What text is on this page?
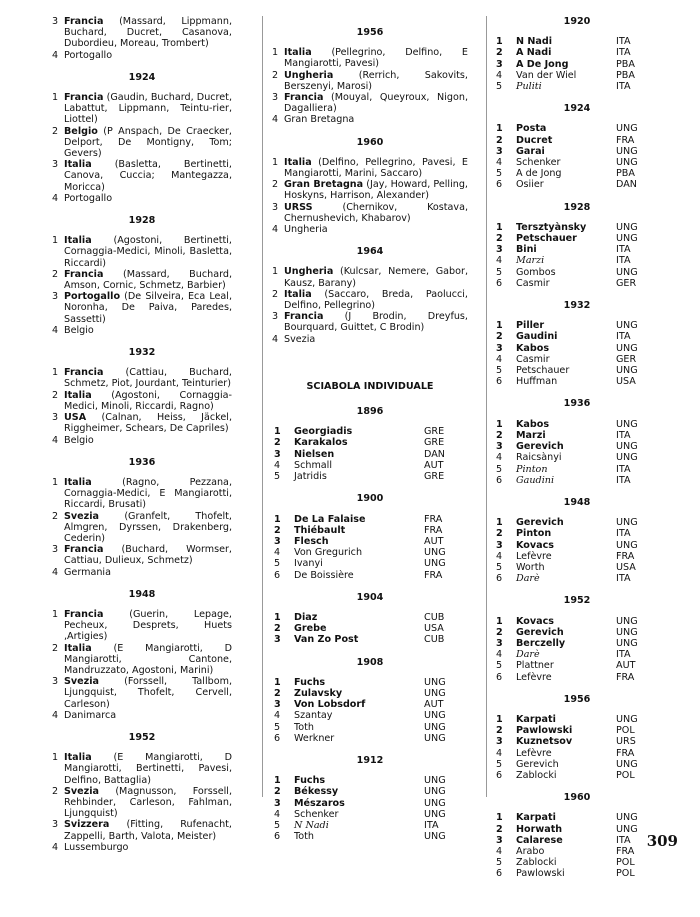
3 Francia (Massard, Lippmann, Buchard, Ducret, Casanova, Dubordieu, Moreau, Trombert)
4 Portogallo
1924
1 Francia (Gaudin, Buchard, Ducret, Labattut, Lippmann, Teintu-rier, Liottel)
2 Belgio (P Anspach, De Craecker, Delport, De Montigny, Tom; Gevers)
3 Italia (Basletta, Bertinetti, Canova, Cuccia; Mantegazza, Moricca)
4 Portogallo
1928
1 Italia (Agostoni, Bertinetti, Cornaggia-Medici, Minoli, Basletta, Riccardi)
2 Francia (Massard, Buchard, Amson, Cornic, Schmetz, Barbier)
3 Portogallo (De Silveira, Eca Leal, Noronha, De Paiva, Paredes, Sassetti)
4 Belgio
1932
1 Francia (Cattiau, Buchard, Schmetz, Piot, Jourdant, Teinturier)
2 Italia (Agostoni, Cornaggia-Medici, Minoli, Riccardi, Ragno)
3 USA (Calnan, Heiss, Jäckel, Riggheimer, Schears, De Capriles)
4 Belgio
1936
1 Italia	(Ragno, Pezzana, Cornaggia-Medici, E Mangiarotti, Riccardi, Brusati)
2 Svezia	(Granfelt, Thofelt, Almgren, Dyrssen, Drakenberg, Cederin)
3 Francia (Buchard, Wormser, Cattiau, Dulieux, Schmetz)
4 Germania
1948
1 Francia	(Guerin, Lepage, Pecheux, Desprets, Huets ,Artigies)
2 Italia (E Mangiarotti, D Mangiarotti, Cantone, Mandruzzato, Agostoni, Marini)
3 Svezia	(Forssell, Tallbom, Ljungquist, Thofelt, Cervell, Carleson)
4 Danimarca
1952
1 Italia (E Mangiarotti, D Mangiarotti, Bertinetti, Pavesi, Delfino, Battaglia)
2 Svezia (Magnusson, Forssell, Rehbinder, Carleson, Fahlman, Ljungquist)
3 Svizzera (Fitting, Rufenacht, Zappelli, Barth, Valota, Meister)
4 Lussemburgo
1956
1 Italia (Pellegrino, Delfino, E Mangiarotti, Pavesi)
2 Ungheria	(Rerrich, Sakovits, Berszenyi, Marosi)
3 Francia (Mouyal, Queyroux, Nigon, Dagalliera)
4 Gran Bretagna
1960
1 Italia (Delfino, Pellegrino, Pavesi, E Mangiarotti, Marini, Saccaro)
2 Gran Bretagna (Jay, Howard, Pelling, Hoskyns, Harrison, Alexander)
3 URSS	(Chernikov, Kostava, Chernushevich, Khabarov)
4 Ungheria
1964
1 Ungheria (Kulcsar, Nemere, Gabor, Kausz, Barany)
2 Italia (Saccaro, Breda, Paolucci, Delfino, Pellegrino)
3 Francia (J Brodin, Dreyfus, Bourquard, Guittet, C Brodin)
4 Svezia
SCIABOLA INDIVIDUALE
1896
1	Georgiadis	GRE
2	Karakalos	GRE
3	Nielsen	DAN
4	Schmall	AUT
5	Jatridis	GRE
1900
1	De La Falaise	FRA
2	Thiébault	FRA
3	Flesch	AUT
4	Von Gregurich	UNG
5	Ivanyi	UNG
6	De Boissière	FRA
1904
1	Diaz	CUB
2	Grebe	USA
3	Van Zo Post	CUB
1908
1	Fuchs	UNG
2	Zulavsky	UNG
3	Von Lobsdorf	AUT
4	Szantay	UNG
5	Toth	UNG
6	Werkner	UNG
1912
1	Fuchs	UNG
2	Békessy	UNG
3	Mészaros	UNG
4	Schenker	UNG
5	N Nadi	ITA
6	Toth	UNG
1920
1	N Nadi	ITA
2	A Nadi	ITA
3	A De Jong	PBA
4	Van der Wiel	PBA
5	Puliti	ITA
1924
1	Posta	UNG
2	Ducret	FRA
3	Garai	UNG
4	Schenker	UNG
5	A de Jong	PBA
6	Osiier	DAN
1928
1	Tersztyànsky	UNG
2	Petschauer	UNG
3	Bini	ITA
4	Marzi	ITA
5	Gombos	UNG
6	Casmir	GER
1932
1	Piller	UNG
2	Gaudini	ITA
3	Kabos	UNG
4	Casmir	GER
5	Petschauer	UNG
6	Huffman	USA
1936
1	Kabos	UNG
2	Marzi	ITA
3	Gerevich	UNG
4	Raicsànyi	UNG
5	Pinton	ITA
6	Gaudini	ITA
1948
1	Gerevich	UNG
2	Pinton	ITA
3	Kovacs	UNG
4	Lefèvre	FRA
5	Worth	USA
6	Darè	ITA
1952
1	Kovacs	UNG
2	Gerevich	UNG
3	Berczelly	UNG
4	Darè	ITA
5	Plattner	AUT
6	Lefèvre	FRA
1956
1	Karpati	UNG
2	Pawlowski	POL
3	Kuznetsov	URS
4	Lefèvre	FRA
5	Gerevich	UNG
6	Zablocki	POL
1960
1	Karpati	UNG
2	Horwath	UNG
3	Calarese	ITA
4	Arabo	FRA
5	Zablocki	POL
6	Pawlowski	POL
309
